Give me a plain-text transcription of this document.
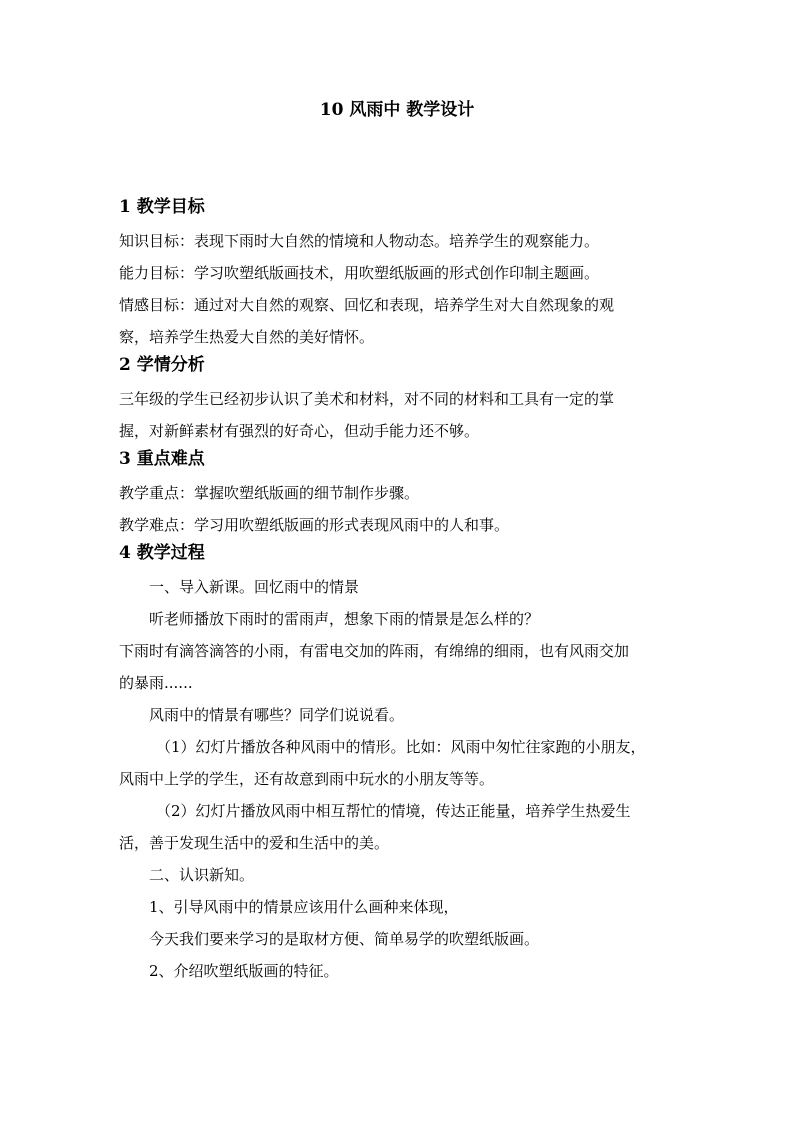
10 风雨中 教学设计
1 教学目标
知识目标：表现下雨时大自然的情境和人物动态。培养学生的观察能力。
能力目标：学习吹塑纸版画技术，用吹塑纸版画的形式创作印制主题画。
情感目标：通过对大自然的观察、回忆和表现，培养学生对大自然现象的观
察，培养学生热爱大自然的美好情怀。
2 学情分析
三年级的学生已经初步认识了美术和材料，对不同的材料和工具有一定的掌
握，对新鲜素材有强烈的好奇心，但动手能力还不够。
3 重点难点
教学重点：掌握吹塑纸版画的细节制作步骤。
教学难点：学习用吹塑纸版画的形式表现风雨中的人和事。
4 教学过程
一、导入新课。回忆雨中的情景
听老师播放下雨时的雷雨声，想象下雨的情景是怎么样的？
下雨时有滴答滴答的小雨，有雷电交加的阵雨，有绵绵的细雨，也有风雨交加
的暴雨......
风雨中的情景有哪些？同学们说说看。
（1）幻灯片播放各种风雨中的情形。比如：风雨中匆忙往家跑的小朋友，
风雨中上学的学生，还有故意到雨中玩水的小朋友等等。
（2）幻灯片播放风雨中相互帮忙的情境，传达正能量，培养学生热爱生
活，善于发现生活中的爱和生活中的美。
二、认识新知。
1、引导风雨中的情景应该用什么画种来体现，
今天我们要来学习的是取材方便、简单易学的吹塑纸版画。
2、介绍吹塑纸版画的特征。
